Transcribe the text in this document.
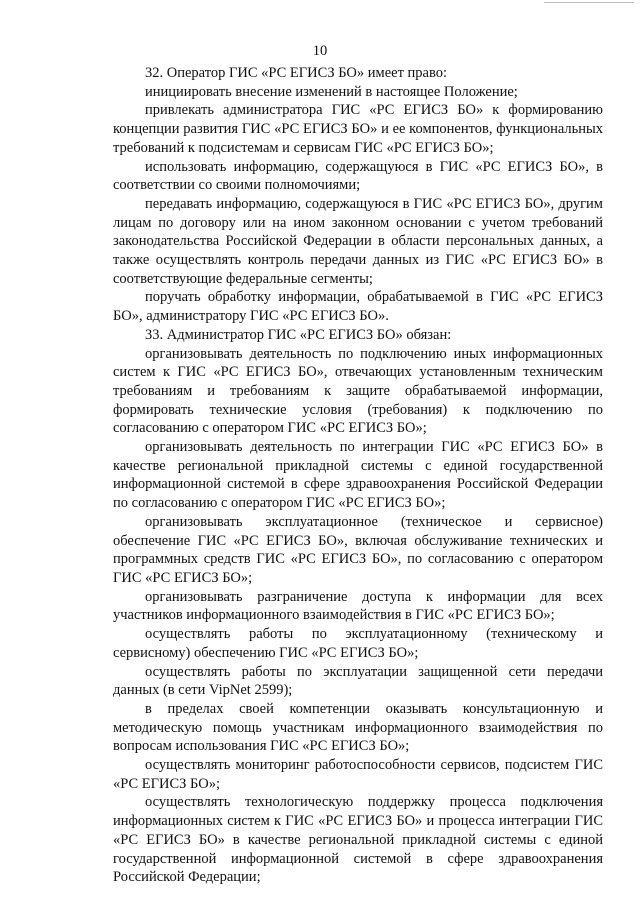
10

32. Оператор ГИС «РС ЕГИСЗ БО» имеет право:

инициировать внесение изменений в настоящее Положение;

привлекать администратора ГИС «РС ЕГИСЗ БО» к формированию концепции развития ГИС «РС ЕГИСЗ БО» и ее компонентов, функциональных требований к подсистемам и сервисам ГИС «РС ЕГИСЗ БО»;

использовать информацию, содержащуюся в ГИС «РС ЕГИСЗ БО», в соответствии со своими полномочиями;

передавать информацию, содержащуюся в ГИС «РС ЕГИСЗ БО», другим лицам по договору или на ином законном основании с учетом требований законодательства Российской Федерации в области персональных данных, а также осуществлять контроль передачи данных из ГИС «РС ЕГИСЗ БО» в соответствующие федеральные сегменты;

поручать обработку информации, обрабатываемой в ГИС «РС ЕГИСЗ БО», администратору ГИС «РС ЕГИСЗ БО».

33. Администратор ГИС «РС ЕГИСЗ БО» обязан:

организовывать деятельность по подключению иных информационных систем к ГИС «РС ЕГИСЗ БО», отвечающих установленным техническим требованиям и требованиям к защите обрабатываемой информации, формировать технические условия (требования) к подключению по согласованию с оператором ГИС «РС ЕГИСЗ БО»;

организовывать деятельность по интеграции ГИС «РС ЕГИСЗ БО» в качестве региональной прикладной системы с единой государственной информационной системой в сфере здравоохранения Российской Федерации по согласованию с оператором ГИС «РС ЕГИСЗ БО»;

организовывать эксплуатационное (техническое и сервисное) обеспечение ГИС «РС ЕГИСЗ БО», включая обслуживание технических и программных средств ГИС «РС ЕГИСЗ БО», по согласованию с оператором ГИС «РС ЕГИСЗ БО»;

организовывать разграничение доступа к информации для всех участников информационного взаимодействия в ГИС «РС ЕГИСЗ БО»;

осуществлять работы по эксплуатационному (техническому и сервисному) обеспечению ГИС «РС ЕГИСЗ БО»;

осуществлять работы по эксплуатации защищенной сети передачи данных (в сети VipNet 2599);

в пределах своей компетенции оказывать консультационную и методическую помощь участникам информационного взаимодействия по вопросам использования ГИС «РС ЕГИСЗ БО»;

осуществлять мониторинг работоспособности сервисов, подсистем ГИС «РС ЕГИСЗ БО»;

осуществлять технологическую поддержку процесса подключения информационных систем к ГИС «РС ЕГИСЗ БО» и процесса интеграции ГИС «РС ЕГИСЗ БО» в качестве региональной прикладной системы с единой государственной информационной системой в сфере здравоохранения Российской Федерации;
